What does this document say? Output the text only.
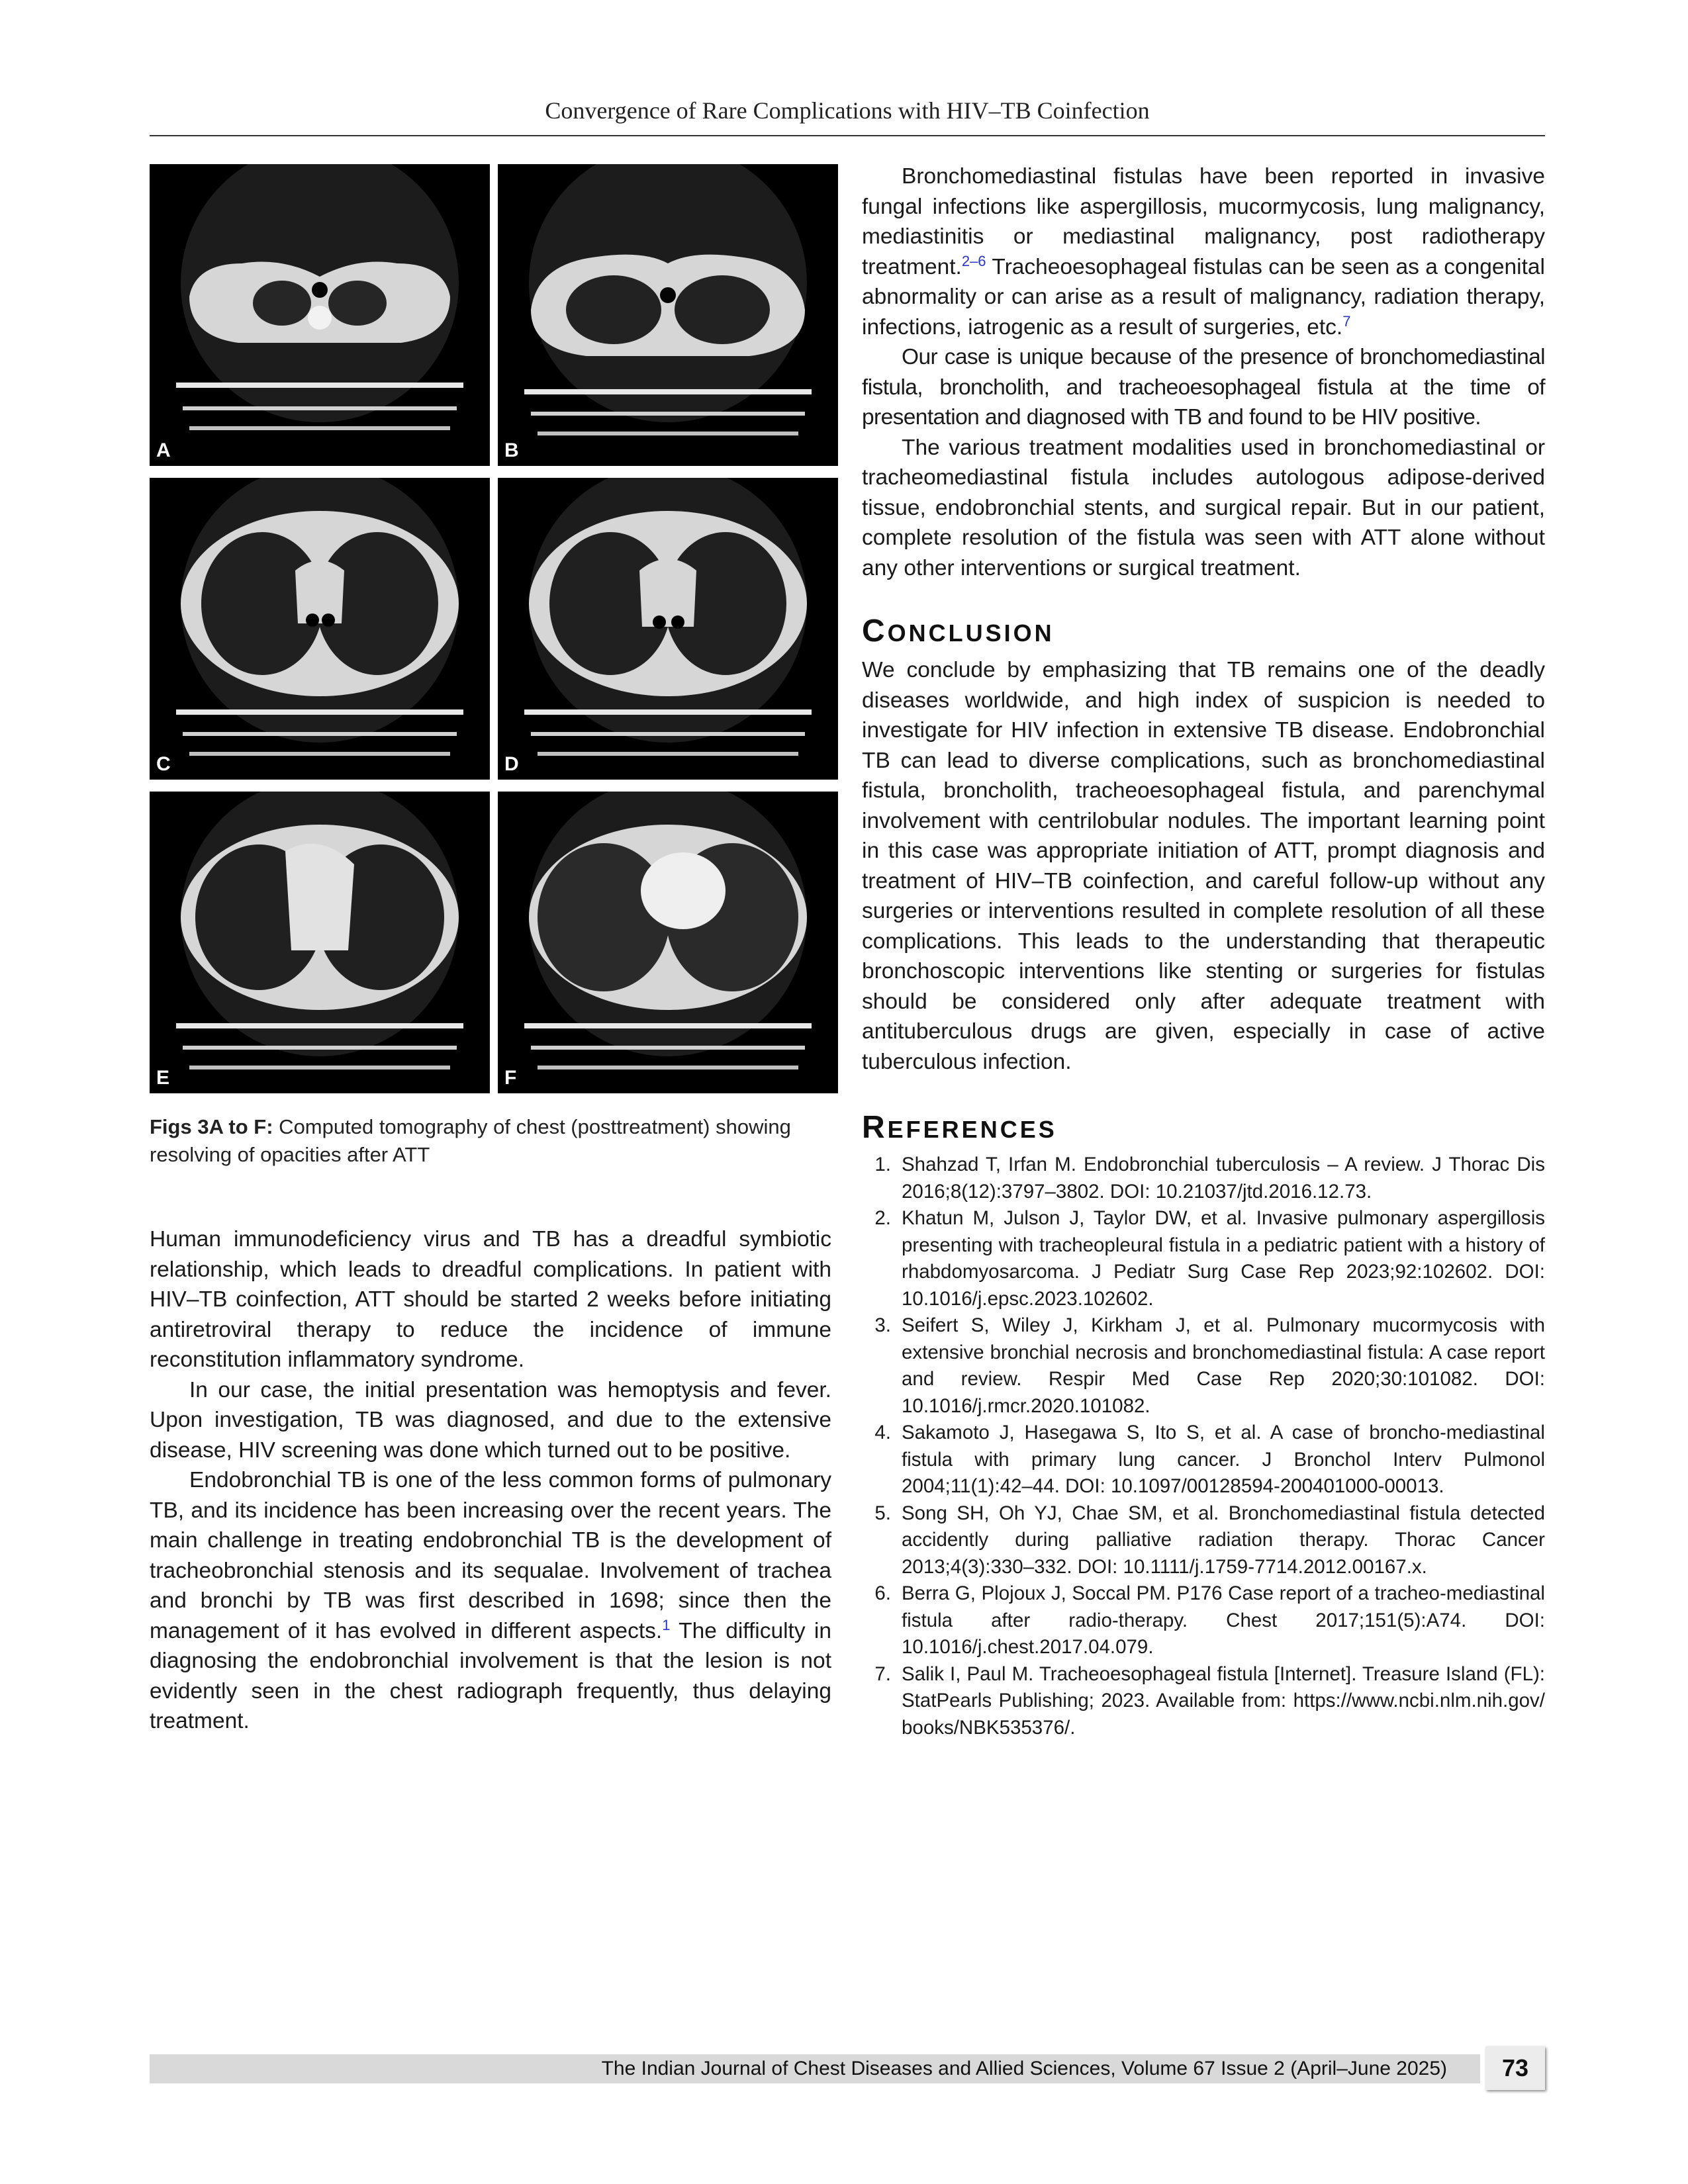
Convergence of Rare Complications with HIV–TB Coinfection
A	B
C	D
E	F
Figs 3A to F: Computed tomography of chest (posttreatment) showing resolving of opacities after ATT

Bronchomediastinal fistulas have been reported in invasive fungal infections like aspergillosis, mucormycosis, lung malignancy, mediastinitis or mediastinal malignancy, post radiotherapy treatment.$^{2-6}$ Tracheoesophageal fistulas can be seen as a congenital abnormality or can arise as a result of malignancy, radiation therapy, infections, iatrogenic as a result of surgeries, etc.$^7$

Our case is unique because of the presence of bronchomediastinal fistula, broncholith, and tracheoesophageal fistula at the time of presentation and diagnosed with TB and found to be HIV positive.

The various treatment modalities used in bronchomediastinal or tracheomediastinal fistula includes autologous adipose-derived tissue, endobronchial stents, and surgical repair. But in our patient, complete resolution of the fistula was seen with ATT alone without any other interventions or surgical treatment.

CONCLUSION

We conclude by emphasizing that TB remains one of the deadly diseases worldwide, and high index of suspicion is needed to investigate for HIV infection in extensive TB disease. Endobronchial TB can lead to diverse complications, such as bronchomediastinal fistula, broncholith, tracheoesophageal fistula, and parenchymal involvement with centrilobular nodules. The important learning point in this case was appropriate initiation of ATT, prompt diagnosis and treatment of HIV–TB coinfection, and careful follow-up without any surgeries or interventions resulted in complete resolution of all these complications. This leads to the understanding that therapeutic bronchoscopic interventions like stenting or surgeries for fistulas should be considered only after adequate treatment with antituberculous drugs are given, especially in case of active tuberculous infection.

REFERENCES
1. Shahzad T, Irfan M. Endobronchial tuberculosis – A review. J Thorac Dis 2016;8(12):3797–3802. DOI: 10.21037/jtd.2016.12.73.
2. Khatun M, Julson J, Taylor DW, et al. Invasive pulmonary aspergillosis presenting with tracheopleural fistula in a pediatric patient with a history of rhabdomyosarcoma. J Pediatr Surg Case Rep 2023;92:102602. DOI: 10.1016/j.epsc.2023.102602.
3. Seifert S, Wiley J, Kirkham J, et al. Pulmonary mucormycosis with extensive bronchial necrosis and bronchomediastinal fistula: A case report and review. Respir Med Case Rep 2020;30:101082. DOI: 10.1016/j.rmcr.2020.101082.
4. Sakamoto J, Hasegawa S, Ito S, et al. A case of broncho-mediastinal fistula with primary lung cancer. J Bronchol Interv Pulmonol 2004;11(1):42–44. DOI: 10.1097/00128594-200401000-00013.
5. Song SH, Oh YJ, Chae SM, et al. Bronchomediastinal fistula detected accidently during palliative radiation therapy. Thorac Cancer 2013;4(3):330–332. DOI: 10.1111/j.1759-7714.2012.00167.x.
6. Berra G, Plojoux J, Soccal PM. P176 Case report of a tracheo-mediastinal fistula after radio-therapy. Chest 2017;151(5):A74. DOI: 10.1016/j.chest.2017.04.079.
7. Salik I, Paul M. Tracheoesophageal fistula [Internet]. Treasure Island (FL): StatPearls Publishing; 2023. Available from: https://www.ncbi.nlm.nih.gov/books/NBK535376/.

Human immunodeficiency virus and TB has a dreadful symbiotic relationship, which leads to dreadful complications. In patient with HIV–TB coinfection, ATT should be started 2 weeks before initiating antiretroviral therapy to reduce the incidence of immune reconstitution inflammatory syndrome.

In our case, the initial presentation was hemoptysis and fever. Upon investigation, TB was diagnosed, and due to the extensive disease, HIV screening was done which turned out to be positive.

Endobronchial TB is one of the less common forms of pulmonary TB, and its incidence has been increasing over the recent years. The main challenge in treating endobronchial TB is the development of tracheobronchial stenosis and its sequalae. Involvement of trachea and bronchi by TB was first described in 1698; since then the management of it has evolved in different aspects.$^1$ The difficulty in diagnosing the endobronchial involvement is that the lesion is not evidently seen in the chest radiograph frequently, thus delaying treatment.

The Indian Journal of Chest Diseases and Allied Sciences, Volume 67 Issue 2 (April–June 2025)	73
